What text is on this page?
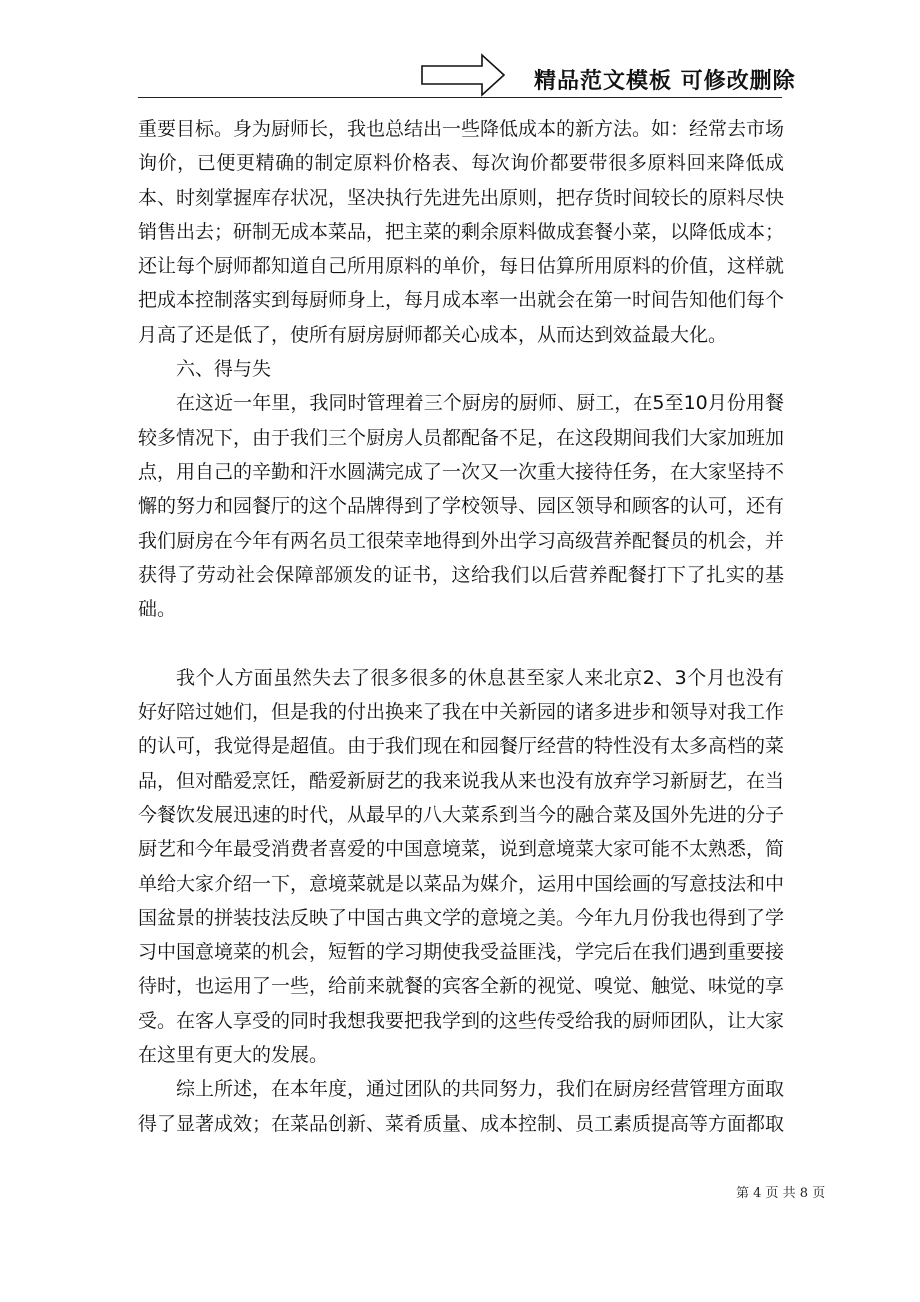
精品范文模板 可修改删除

重要目标。身为厨师长，我也总结出一些降低成本的新方法。如：经常去市场询价，已便更精确的制定原料价格表、每次询价都要带很多原料回来降低成本、时刻掌握库存状况，坚决执行先进先出原则，把存货时间较长的原料尽快销售出去；研制无成本菜品，把主菜的剩余原料做成套餐小菜，以降低成本；还让每个厨师都知道自己所用原料的单价，每日估算所用原料的价值，这样就把成本控制落实到每厨师身上，每月成本率一出就会在第一时间告知他们每个月高了还是低了，使所有厨房厨师都关心成本，从而达到效益最大化。

六、得与失

在这近一年里，我同时管理着三个厨房的厨师、厨工，在5至10月份用餐较多情况下，由于我们三个厨房人员都配备不足，在这段期间我们大家加班加点，用自己的辛勤和汗水圆满完成了一次又一次重大接待任务，在大家坚持不懈的努力和园餐厅的这个品牌得到了学校领导、园区领导和顾客的认可，还有我们厨房在今年有两名员工很荣幸地得到外出学习高级营养配餐员的机会，并获得了劳动社会保障部颁发的证书，这给我们以后营养配餐打下了扎实的基础。

我个人方面虽然失去了很多很多的休息甚至家人来北京2、3个月也没有好好陪过她们，但是我的付出换来了我在中关新园的诸多进步和领导对我工作的认可，我觉得是超值。由于我们现在和园餐厅经营的特性没有太多高档的菜品，但对酷爱烹饪，酷爱新厨艺的我来说我从来也没有放弃学习新厨艺，在当今餐饮发展迅速的时代，从最早的八大菜系到当今的融合菜及国外先进的分子厨艺和今年最受消费者喜爱的中国意境菜，说到意境菜大家可能不太熟悉，简单给大家介绍一下，意境菜就是以菜品为媒介，运用中国绘画的写意技法和中国盆景的拼装技法反映了中国古典文学的意境之美。今年九月份我也得到了学习中国意境菜的机会，短暂的学习期使我受益匪浅，学完后在我们遇到重要接待时，也运用了一些，给前来就餐的宾客全新的视觉、嗅觉、触觉、味觉的享受。在客人享受的同时我想我要把我学到的这些传受给我的厨师团队，让大家在这里有更大的发展。

综上所述，在本年度，通过团队的共同努力，我们在厨房经营管理方面取得了显著成效；在菜品创新、菜肴质量、成本控制、员工素质提高等方面都取

第 4 页 共 8 页
